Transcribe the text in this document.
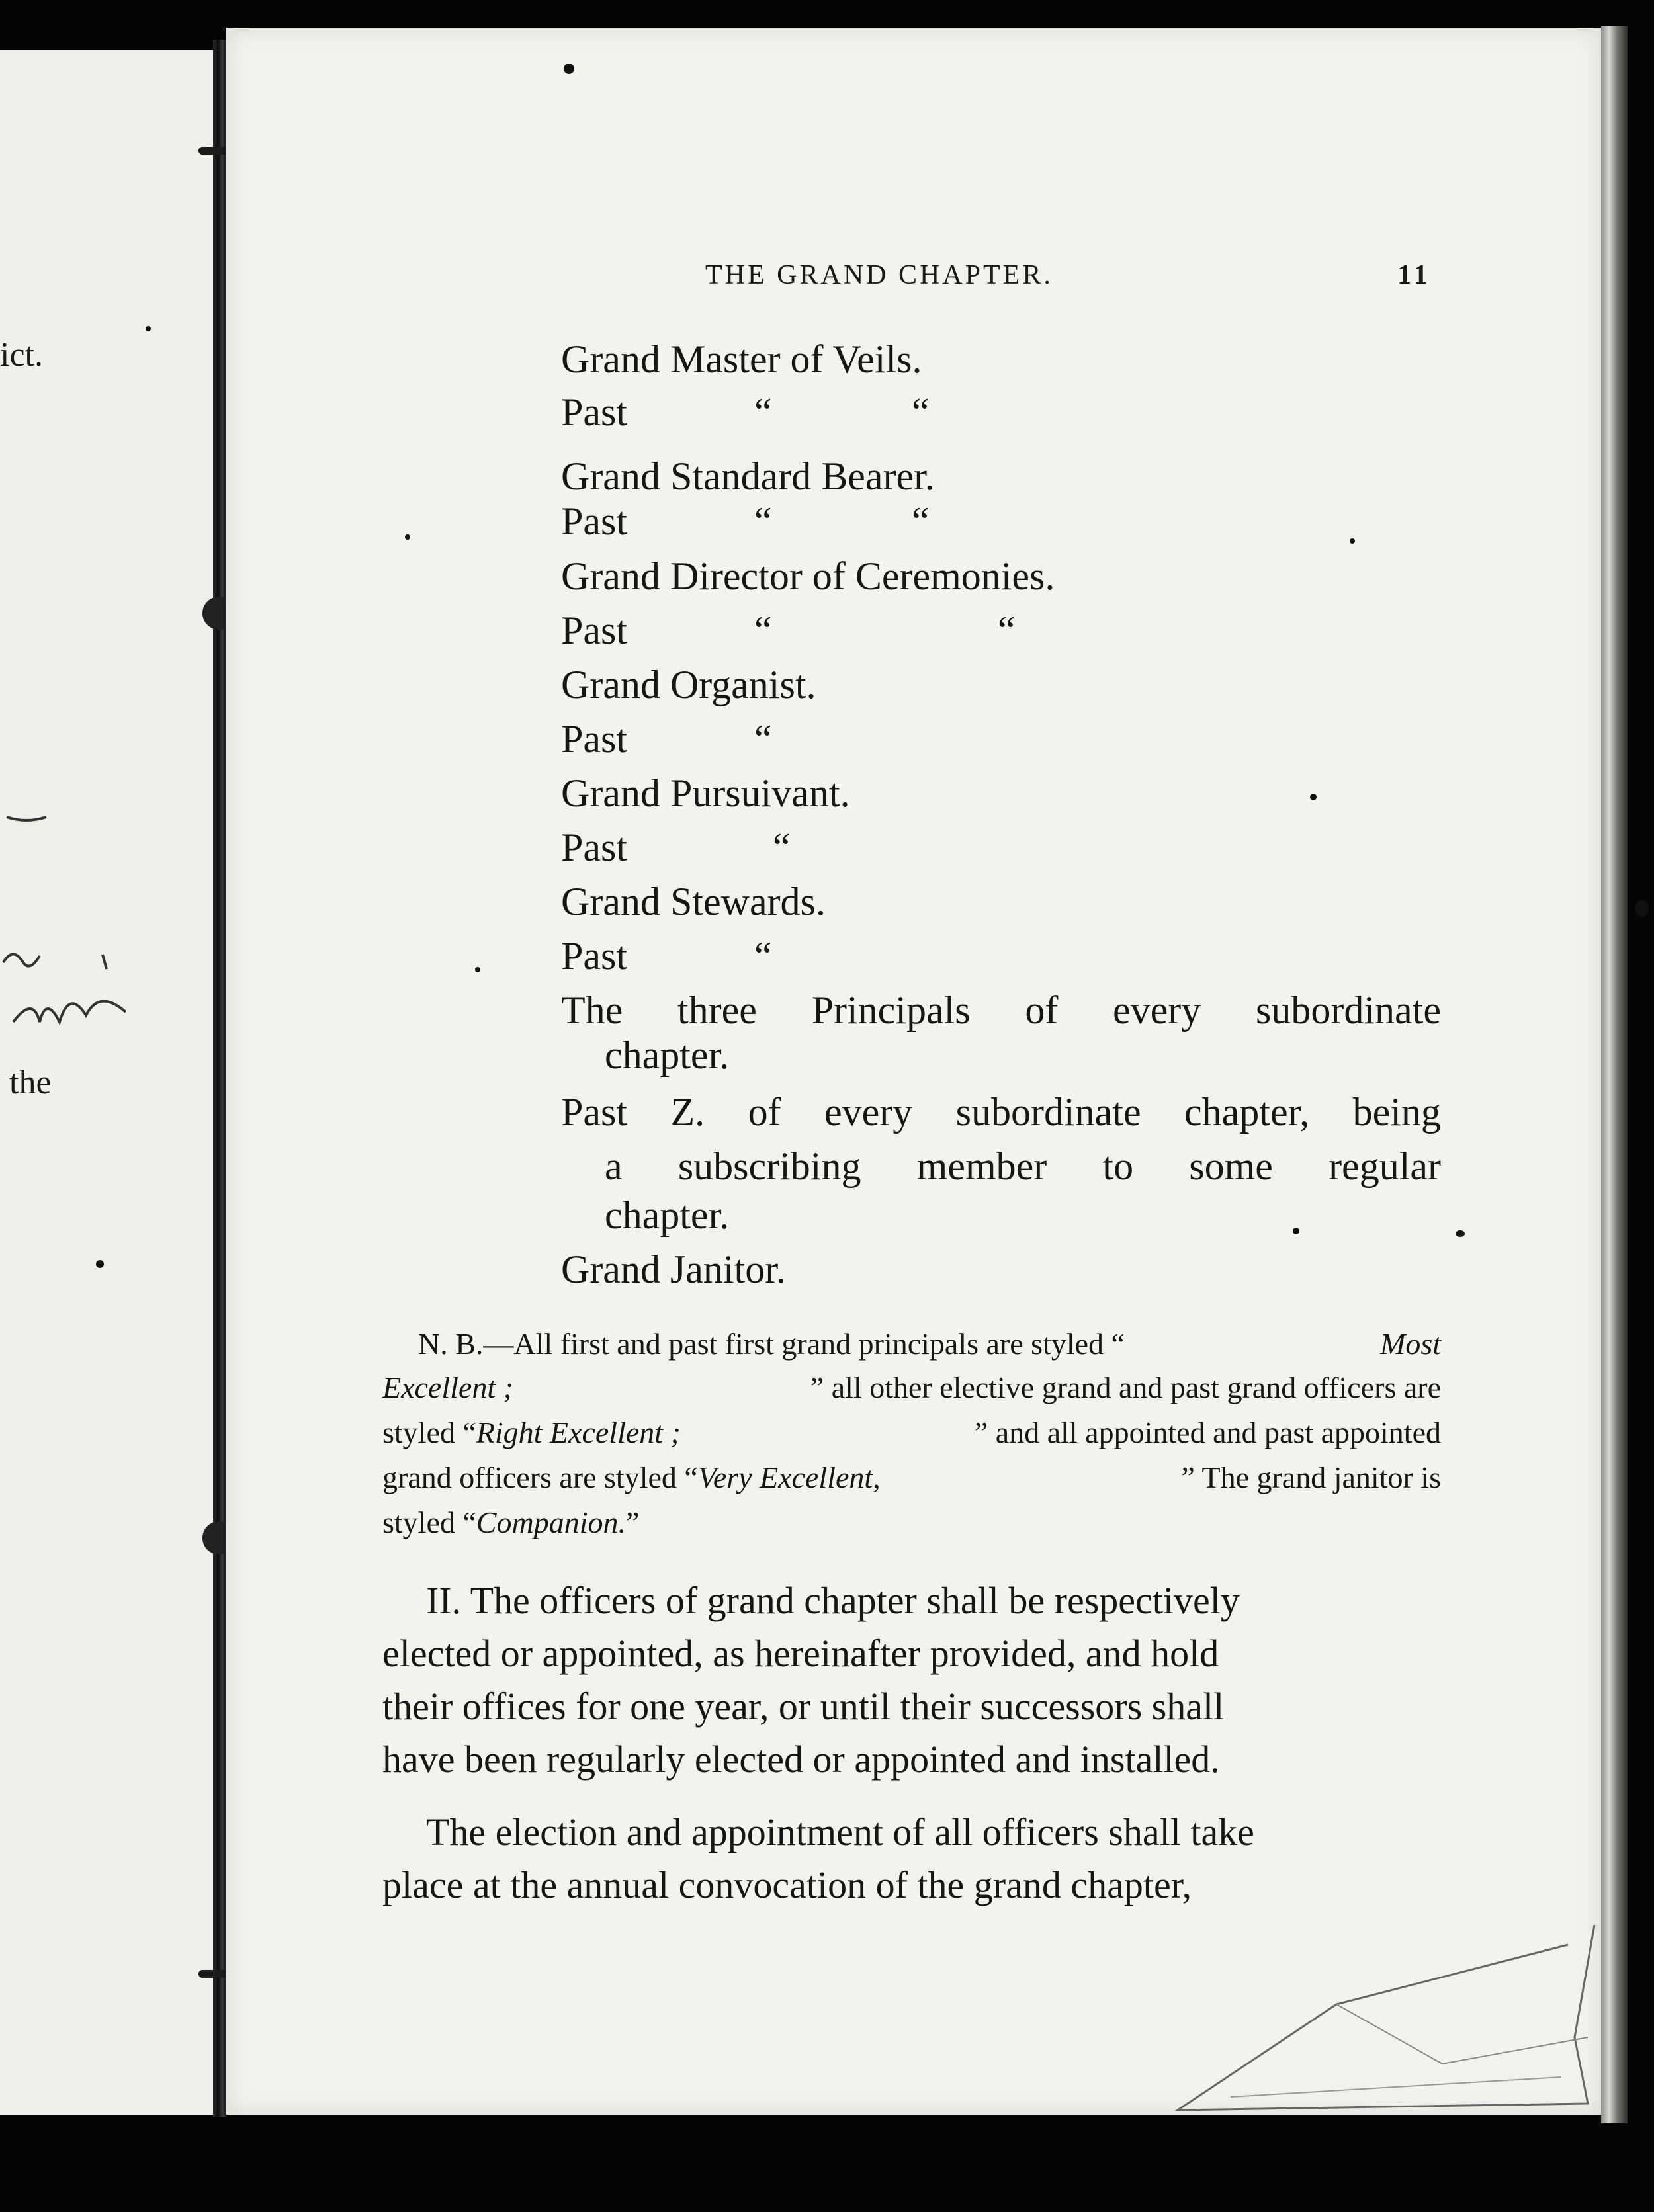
ict.
the
THE GRAND CHAPTER.	11
Grand Master of Veils.
Past	“	“
Grand Standard Bearer.
Past	“	“
Grand Director of Ceremonies.
Past	“	“
Grand Organist.
Past	“
Grand Pursuivant.
Past	“
Grand Stewards.
Past	“
The three Principals of every subordinate
chapter.
Past Z. of every subordinate chapter, being
a subscribing member to some regular
chapter.
Grand Janitor.
N. B.—All first and past first grand principals are styled “	Most
Excellent ;	” all other elective grand and past grand officers are
styled “Right Excellent ;	” and all appointed and past appointed
grand officers are styled “Very Excellent,	” The grand janitor is
styled “ Companion. ”
II. The officers of grand chapter shall be respectively
elected or appointed, as hereinafter provided, and hold
their offices for one year, or until their successors shall
have been regularly elected or appointed and installed.
The election and appointment of all officers shall take
place at the annual convocation of the grand chapter,
